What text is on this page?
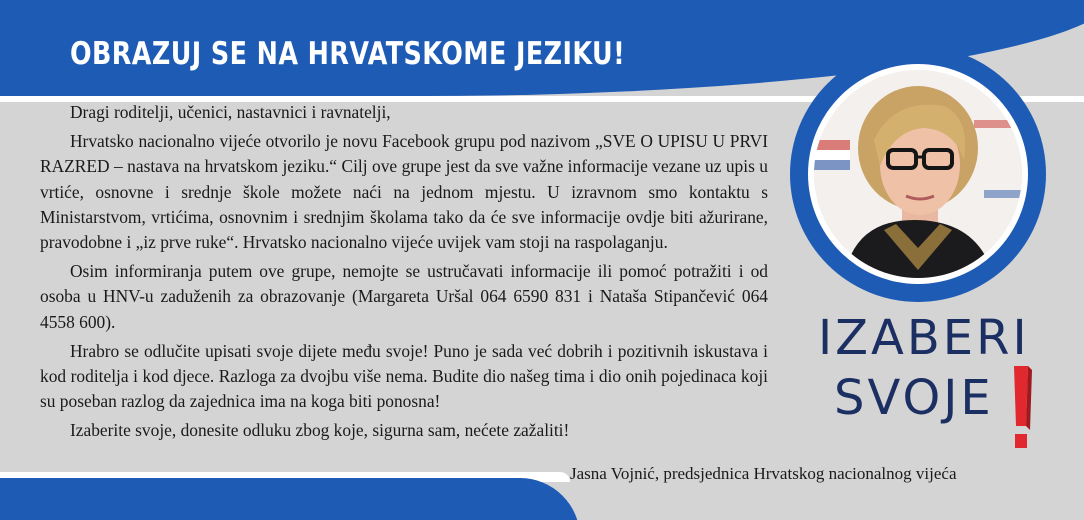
OBRAZUJ SE NA HRVATSKOME JEZIKU!

Dragi roditelji, učenici, nastavnici i ravnatelji,

Hrvatsko nacionalno vijeće otvorilo je novu Facebook grupu pod nazivom „SVE O UPISU U PRVI RAZRED – nastava na hrvatskom jeziku.“ Cilj ove grupe jest da sve važne informacije vezane uz upis u vrtiće, osnovne i srednje škole možete naći na jednom mjestu. U izravnom smo kontaktu s Ministarstvom, vrtićima, osnovnim i srednjim školama tako da će sve informacije ovdje biti ažurirane, pravodobne i „iz prve ruke“. Hrvatsko nacionalno vijeće uvijek vam stoji na raspolaganju.

Osim informiranja putem ove grupe, nemojte se ustručavati informacije ili pomoć potražiti i od osoba u HNV-u zaduženih za obrazovanje (Margareta Uršal 064 6590 831 i Nataša Stipančević 064 4558 600).

Hrabro se odlučite upisati svoje dijete među svoje! Puno je sada već dobrih i pozitivnih iskustava i kod roditelja i kod djece. Razloga za dvojbu više nema. Budite dio našeg tima i dio onih pojedinaca koji su poseban razlog da zajednica ima na koga biti ponosna!

Izaberite svoje, donesite odluku zbog koje, sigurna sam, nećete zažaliti!

Jasna Vojnić, predsjednica Hrvatskog nacionalnog vijeća
IZABERI
SVOJE
